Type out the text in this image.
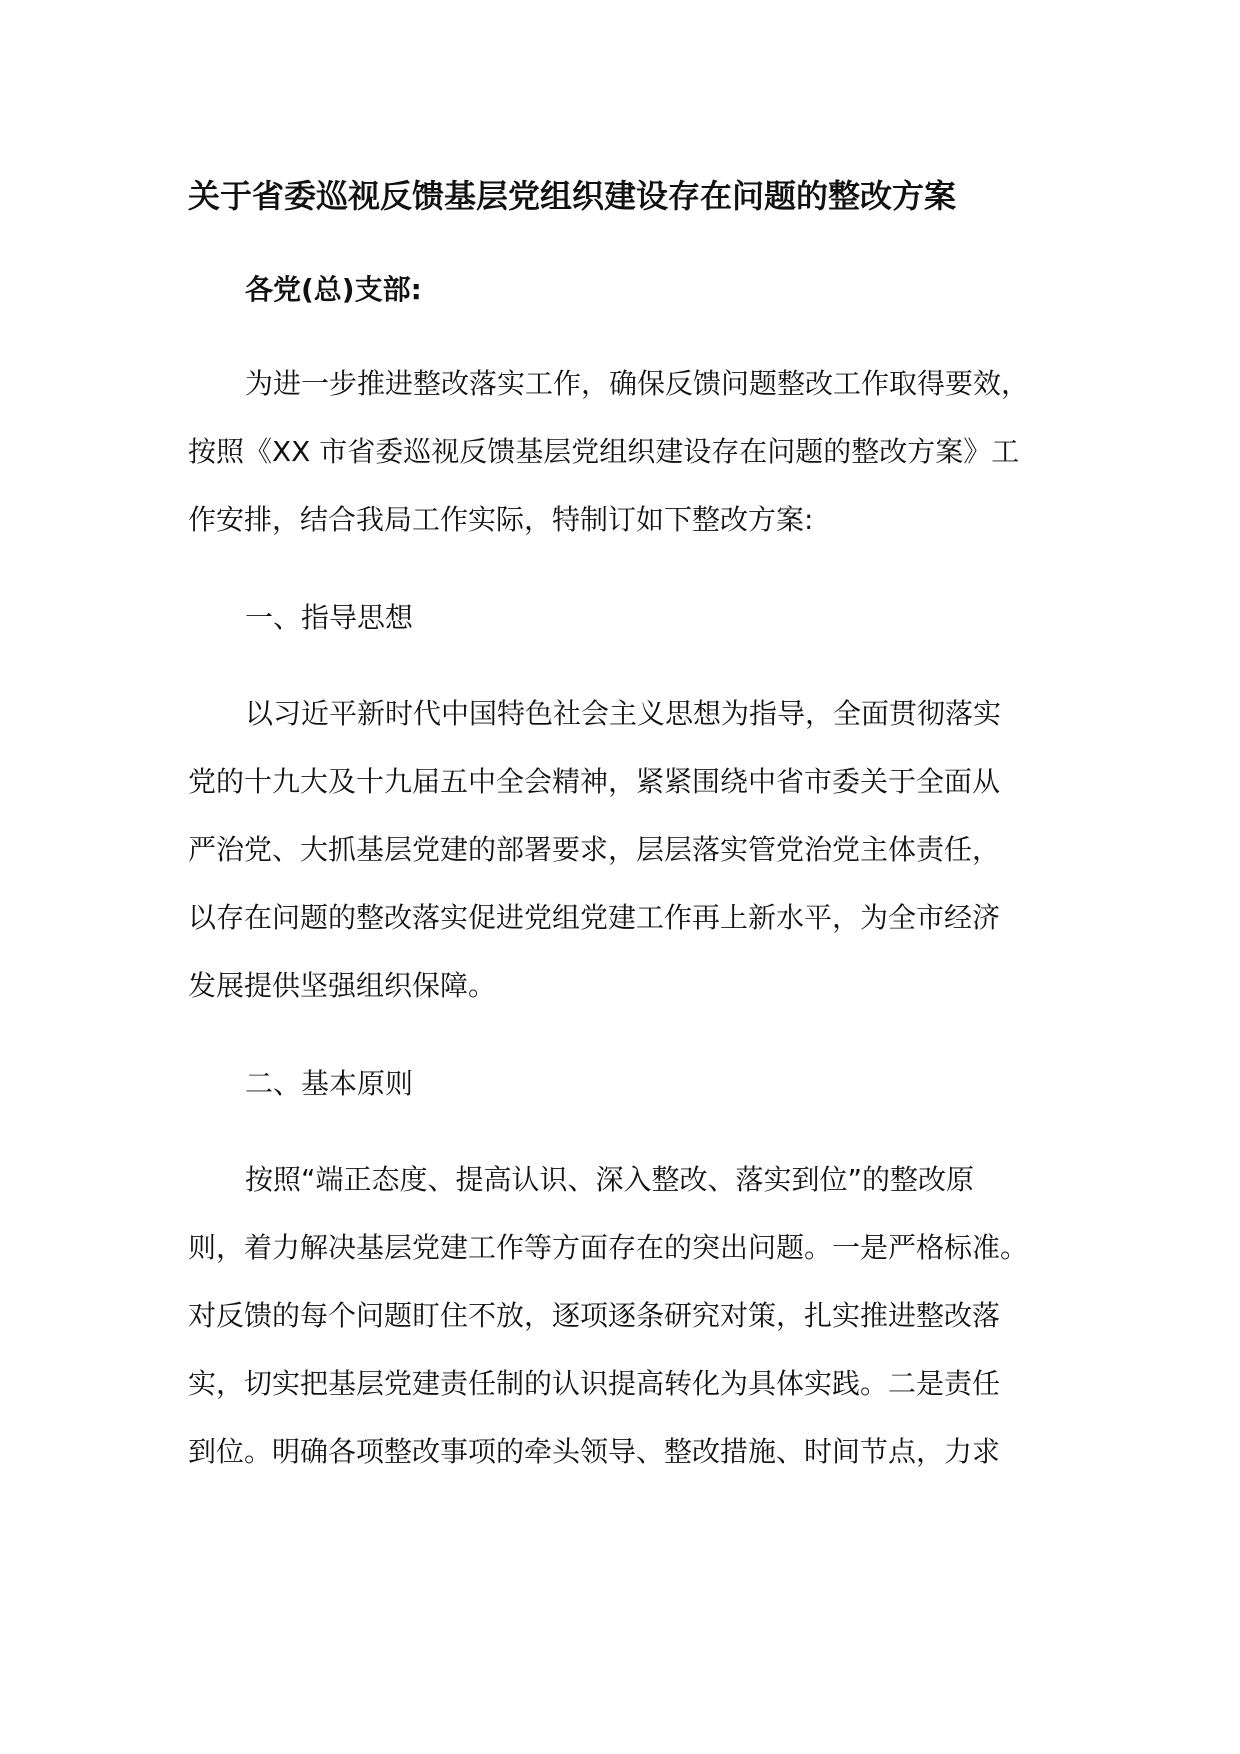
关于省委巡视反馈基层党组织建设存在问题的整改方案
各党(总)支部:
为进一步推进整改落实工作，确保反馈问题整改工作取得要效，
按照《XX 市省委巡视反馈基层党组织建设存在问题的整改方案》工
作安排，结合我局工作实际，特制订如下整改方案:
一、指导思想
以习近平新时代中国特色社会主义思想为指导，全面贯彻落实
党的十九大及十九届五中全会精神，紧紧围绕中省市委关于全面从
严治党、大抓基层党建的部署要求，层层落实管党治党主体责任，
以存在问题的整改落实促进党组党建工作再上新水平，为全市经济
发展提供坚强组织保障。
二、基本原则
按照“端正态度、提高认识、深入整改、落实到位”的整改原
则，着力解决基层党建工作等方面存在的突出问题。一是严格标准。
对反馈的每个问题盯住不放，逐项逐条研究对策，扎实推进整改落
实，切实把基层党建责任制的认识提高转化为具体实践。二是责任
到位。明确各项整改事项的牵头领导、整改措施、时间节点，力求
